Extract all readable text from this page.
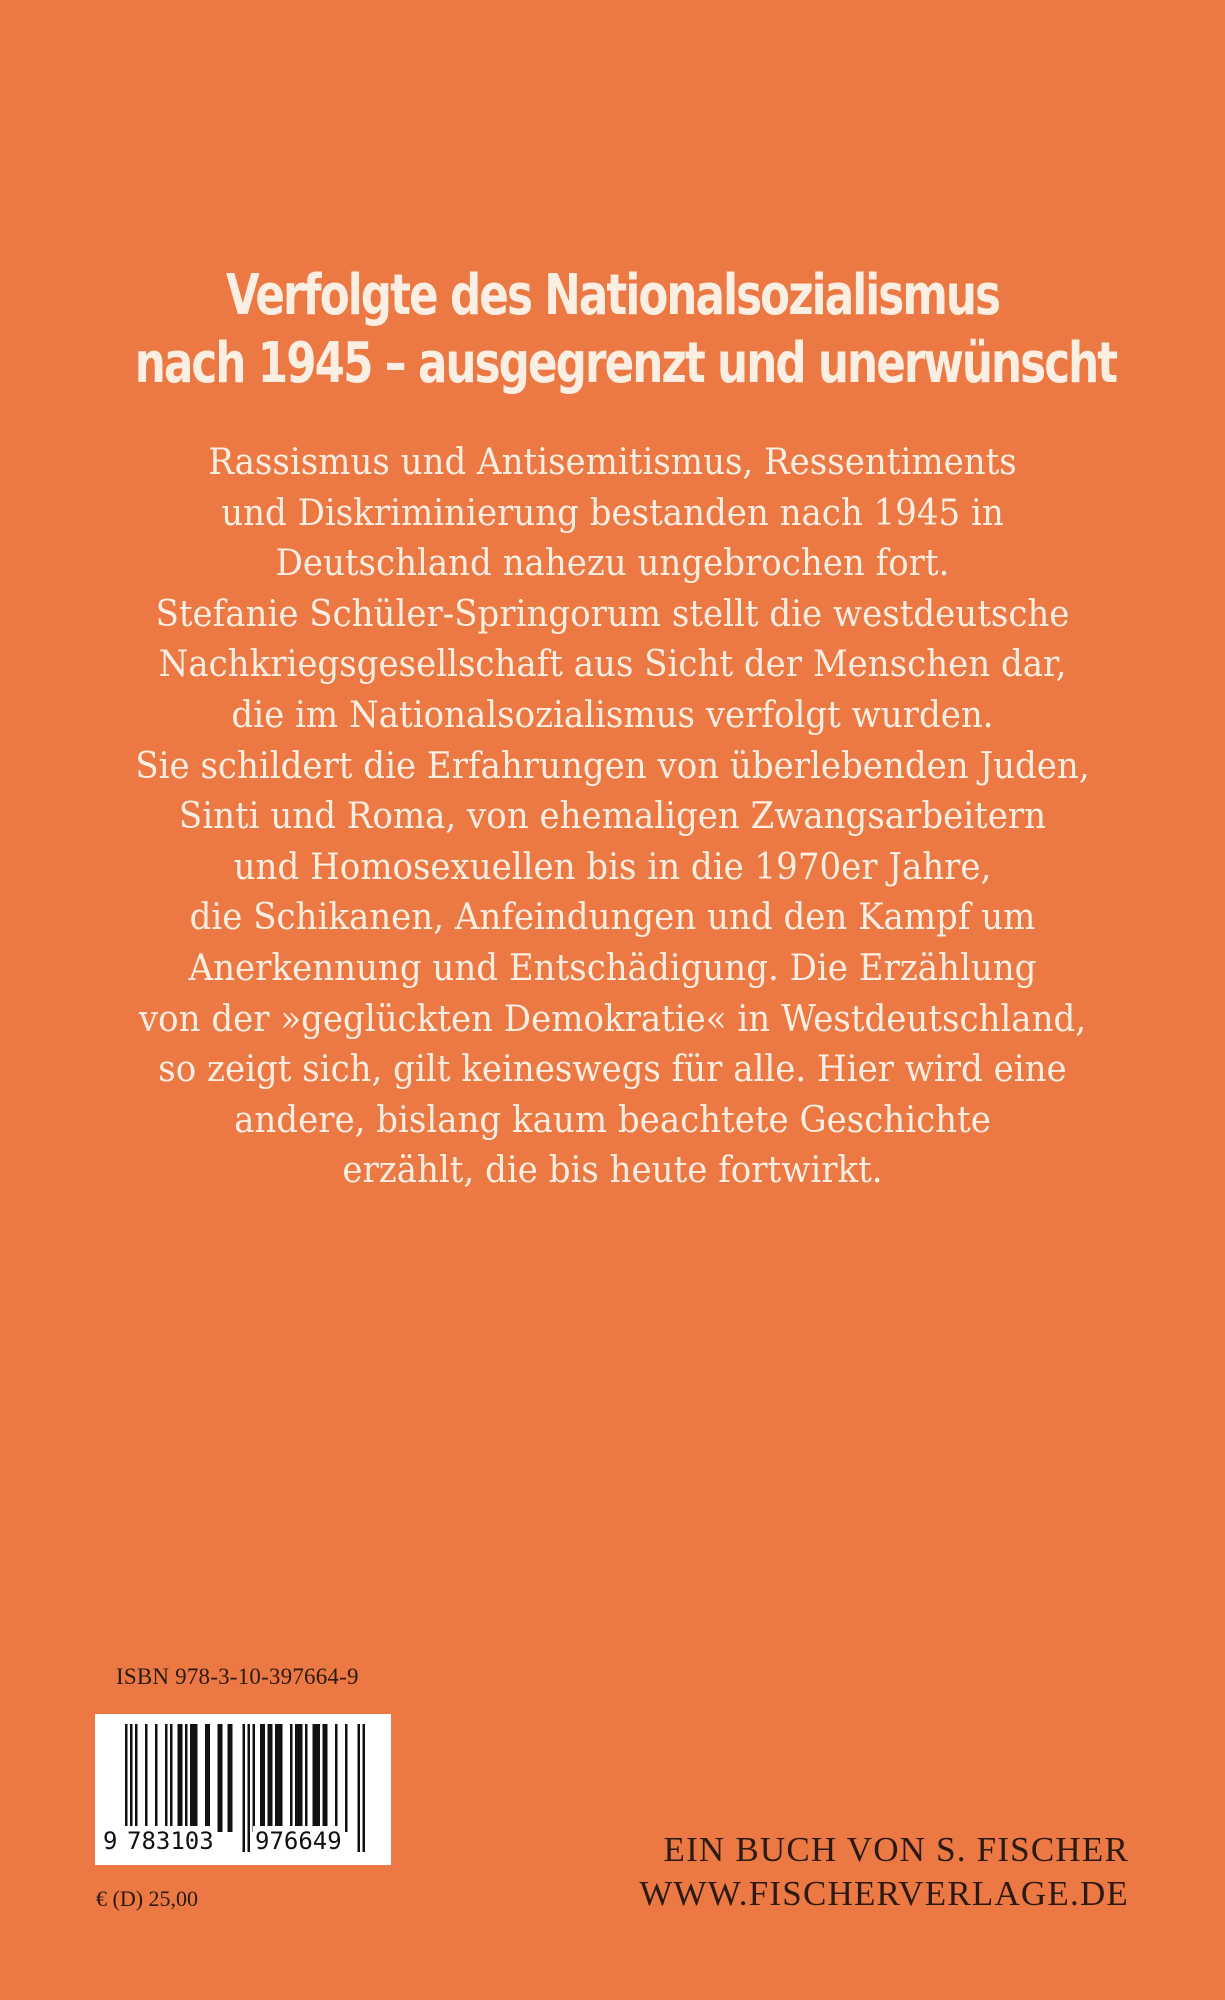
Verfolgte des Nationalsozialismus
nach 1945 – ausgegrenzt und unerwünscht
Rassismus und Antisemitismus, Ressentiments
und Diskriminierung bestanden nach 1945 in
Deutschland nahezu ungebrochen fort.
Stefanie Schüler-Springorum stellt die westdeutsche
Nachkriegsgesellschaft aus Sicht der Menschen dar,
die im Nationalsozialismus verfolgt wurden.
Sie schildert die Erfahrungen von überlebenden Juden,
Sinti und Roma, von ehemaligen Zwangsarbeitern
und Homosexuellen bis in die 1970er Jahre,
die Schikanen, Anfeindungen und den Kampf um
Anerkennung und Entschädigung. Die Erzählung
von der »geglückten Demokratie« in Westdeutschland,
so zeigt sich, gilt keineswegs für alle. Hier wird eine
andere, bislang kaum beachtete Geschichte
erzählt, die bis heute fortwirkt.
ISBN 978-3-10-397664-9
9 783103 976649
€ (D) 25,00
EIN BUCH VON S. FISCHER
WWW.FISCHERVERLAGE.DE
